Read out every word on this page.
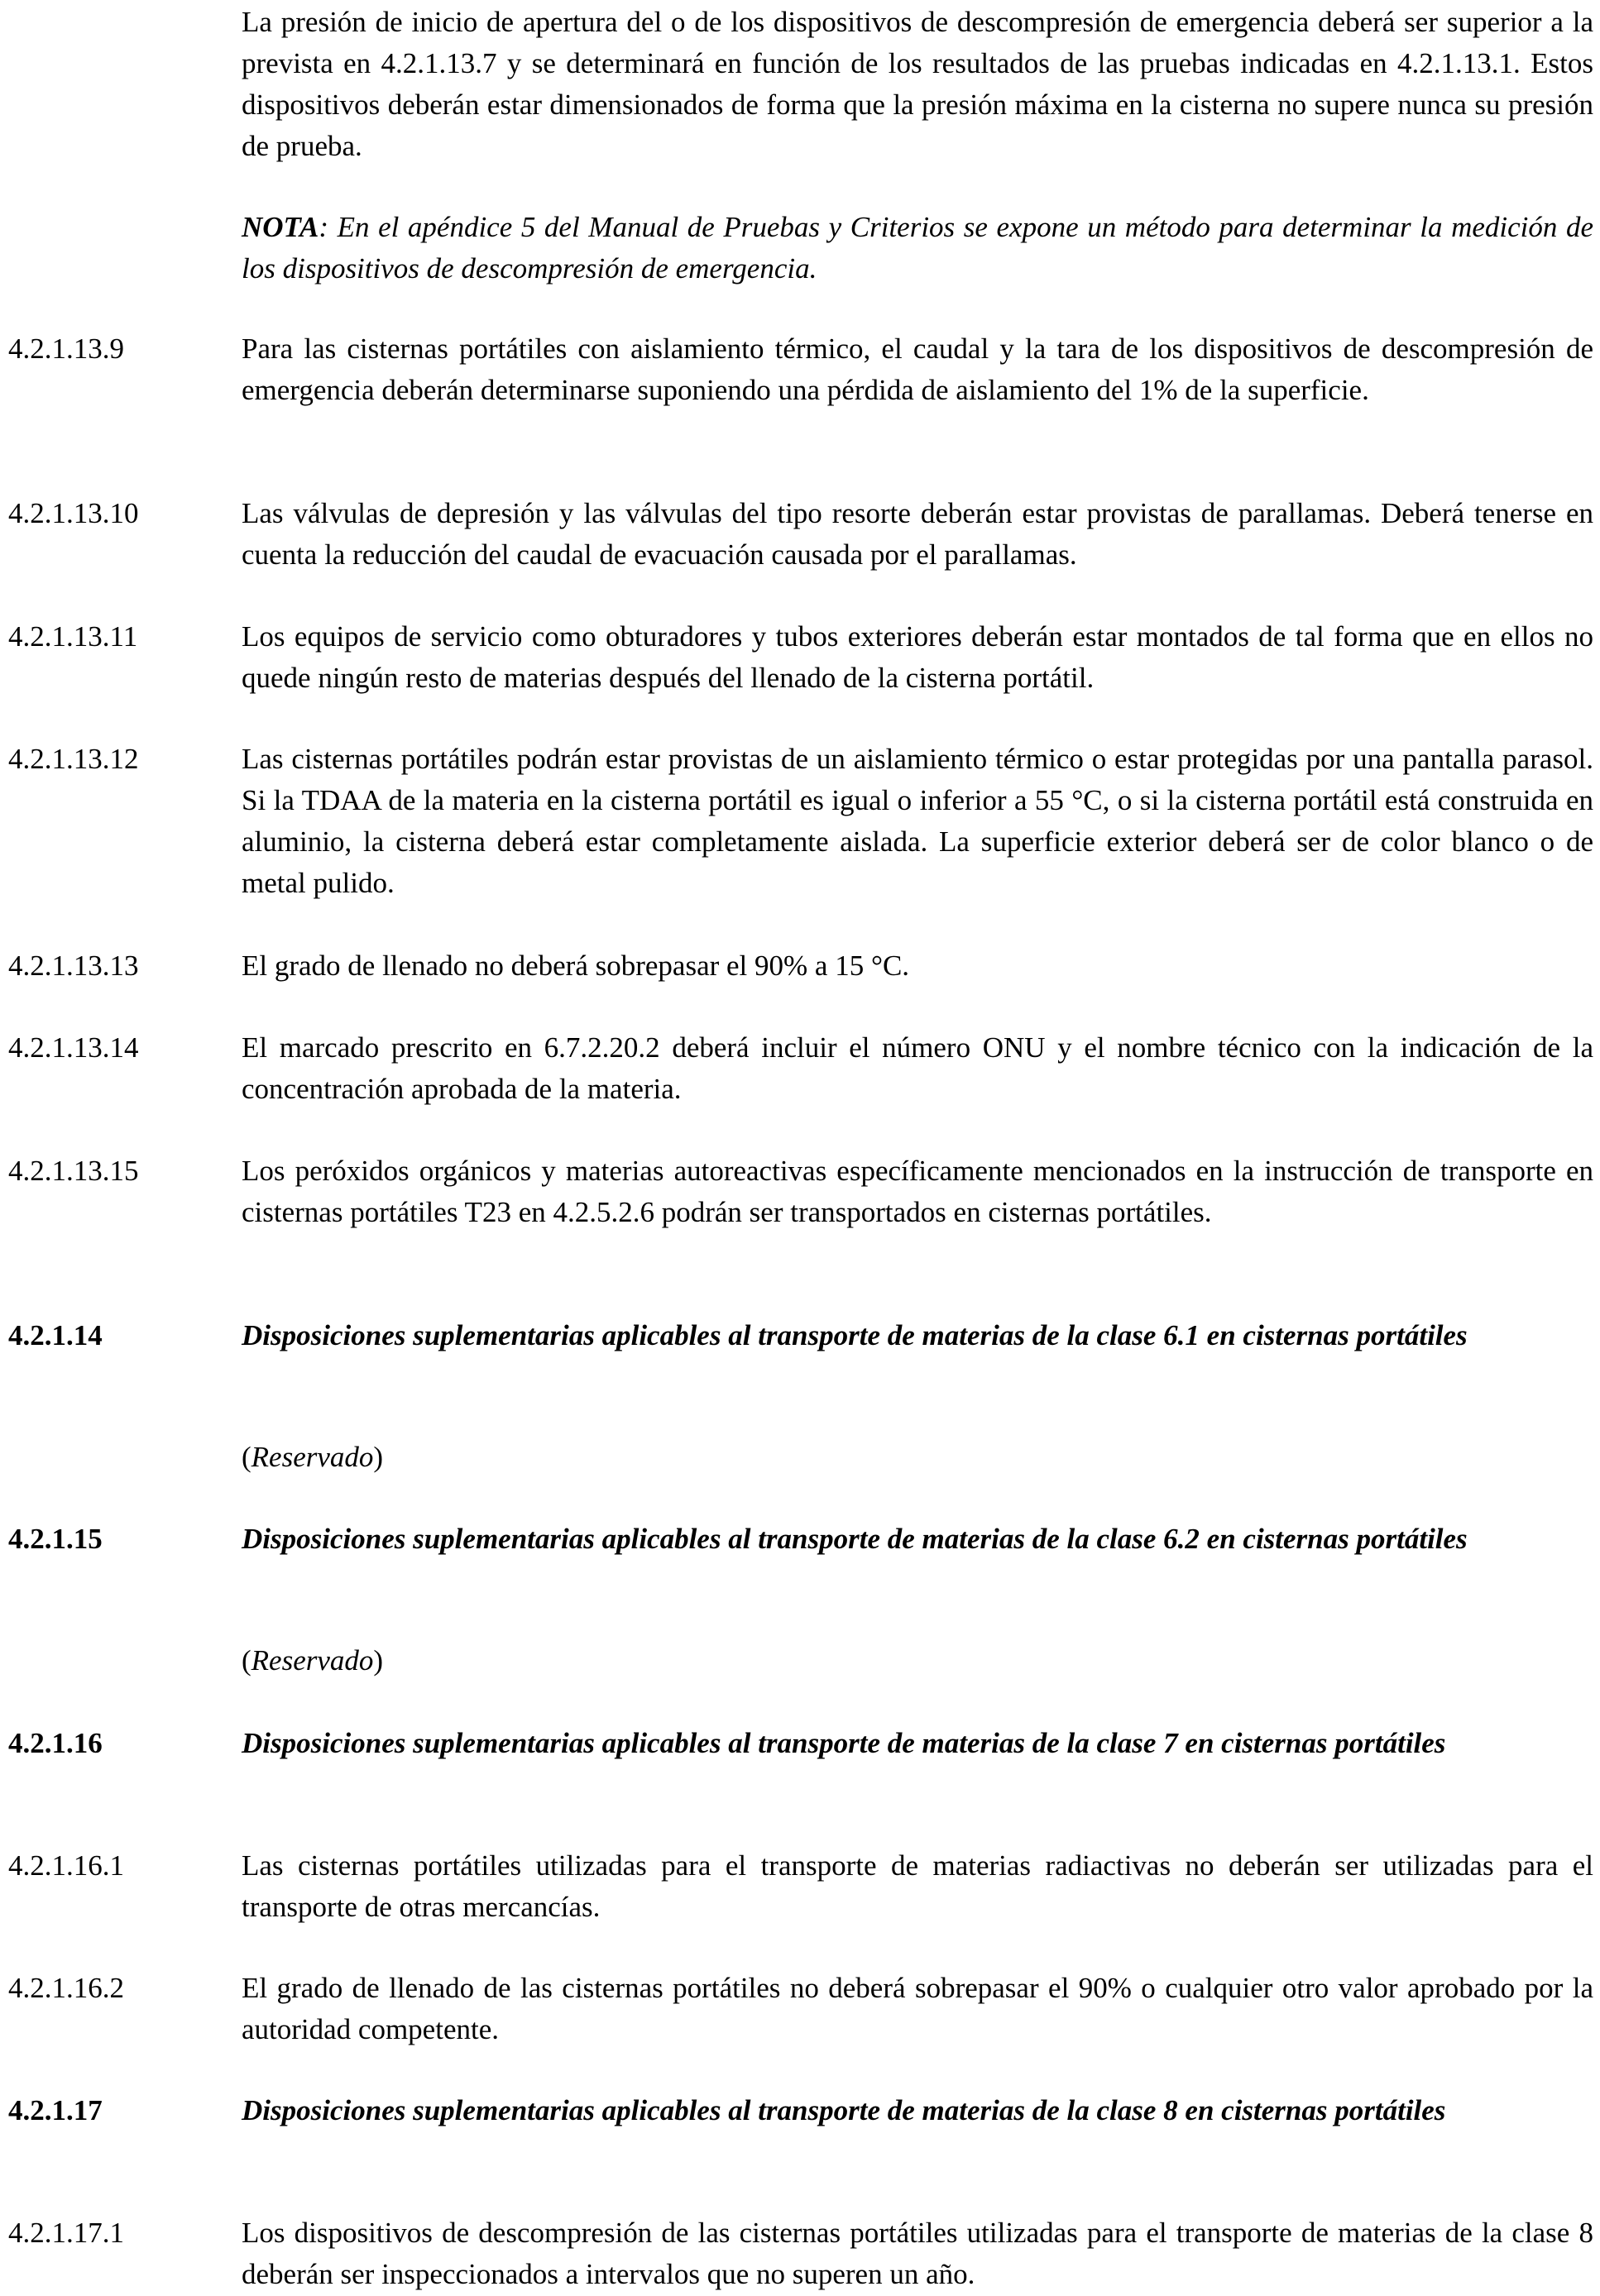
La presión de inicio de apertura del o de los dispositivos de descompresión de emergencia deberá ser superior a la prevista en 4.2.1.13.7 y se determinará en función de los resultados de las pruebas indicadas en 4.2.1.13.1. Estos dispositivos deberán estar dimensionados de forma que la presión máxima en la cisterna no supere nunca su presión de prueba.
NOTA: En el apéndice 5 del Manual de Pruebas y Criterios se expone un método para determinar la medición de los dispositivos de descompresión de emergencia.
4.2.1.13.9	Para las cisternas portátiles con aislamiento térmico, el caudal y la tara de los dispositivos de descompresión de emergencia deberán determinarse suponiendo una pérdida de aislamiento del 1% de la superficie.
4.2.1.13.10	Las válvulas de depresión y las válvulas del tipo resorte deberán estar provistas de parallamas. Deberá tenerse en cuenta la reducción del caudal de evacuación causada por el parallamas.
4.2.1.13.11	Los equipos de servicio como obturadores y tubos exteriores deberán estar montados de tal forma que en ellos no quede ningún resto de materias después del llenado de la cisterna portátil.
4.2.1.13.12	Las cisternas portátiles podrán estar provistas de un aislamiento térmico o estar protegidas por una pantalla parasol. Si la TDAA de la materia en la cisterna portátil es igual o inferior a 55 °C, o si la cisterna portátil está construida en aluminio, la cisterna deberá estar completamente aislada. La superficie exterior deberá ser de color blanco o de metal pulido.
4.2.1.13.13	El grado de llenado no deberá sobrepasar el 90% a 15 °C.
4.2.1.13.14	El marcado prescrito en 6.7.2.20.2 deberá incluir el número ONU y el nombre técnico con la indicación de la concentración aprobada de la materia.
4.2.1.13.15	Los peróxidos orgánicos y materias autoreactivas específicamente mencionados en la instrucción de transporte en cisternas portátiles T23 en 4.2.5.2.6 podrán ser transportados en cisternas portátiles.
4.2.1.14	Disposiciones suplementarias aplicables al transporte de materias de la clase 6.1 en cisternas portátiles
(Reservado)
4.2.1.15	Disposiciones suplementarias aplicables al transporte de materias de la clase 6.2 en cisternas portátiles
(Reservado)
4.2.1.16	Disposiciones suplementarias aplicables al transporte de materias de la clase 7 en cisternas portátiles
4.2.1.16.1	Las cisternas portátiles utilizadas para el transporte de materias radiactivas no deberán ser utilizadas para el transporte de otras mercancías.
4.2.1.16.2	El grado de llenado de las cisternas portátiles no deberá sobrepasar el 90% o cualquier otro valor aprobado por la autoridad competente.
4.2.1.17	Disposiciones suplementarias aplicables al transporte de materias de la clase 8 en cisternas portátiles
4.2.1.17.1	Los dispositivos de descompresión de las cisternas portátiles utilizadas para el transporte de materias de la clase 8 deberán ser inspeccionados a intervalos que no superen un año.
